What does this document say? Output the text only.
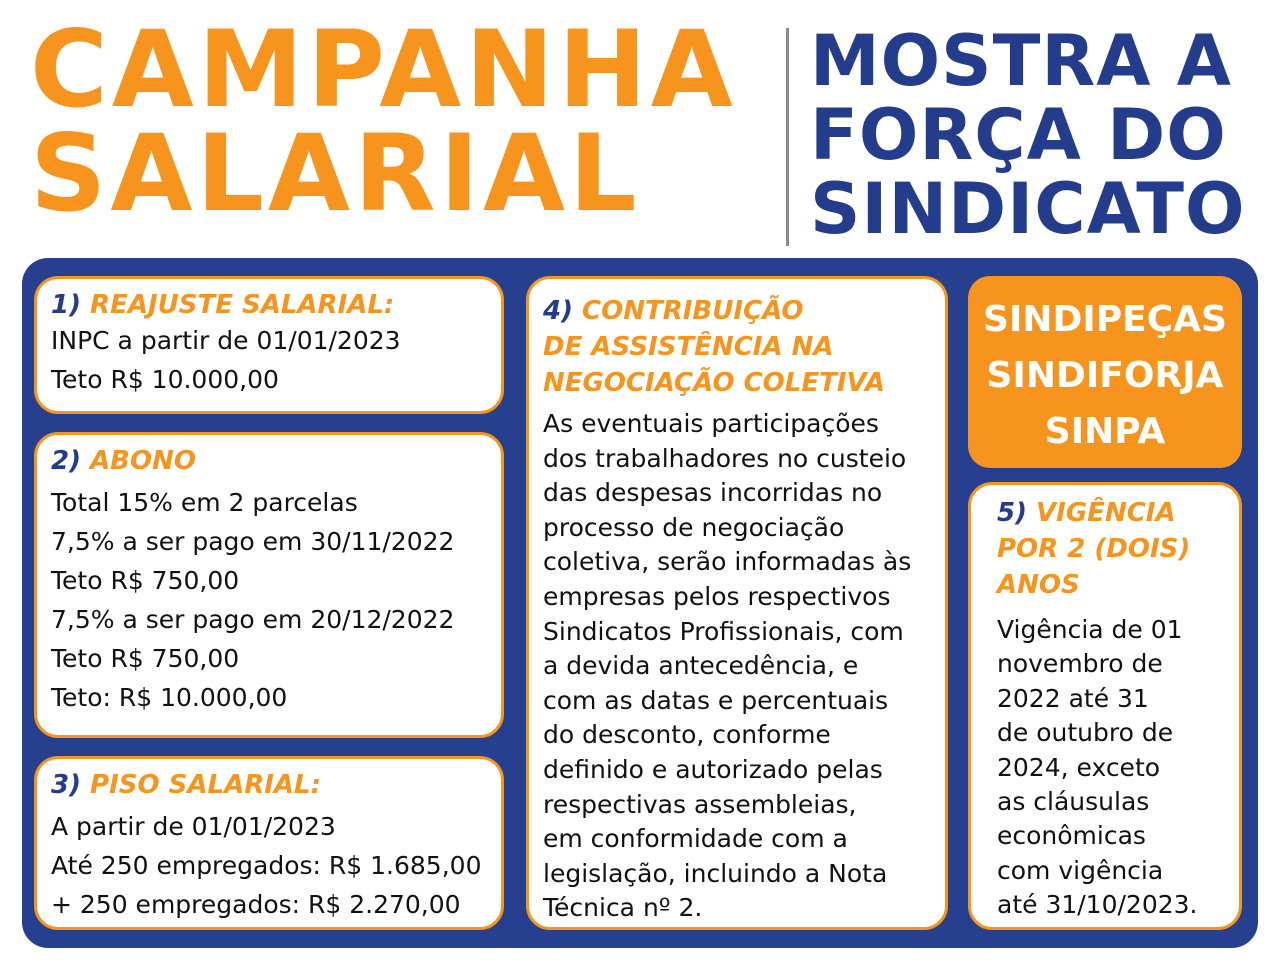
CAMPANHA
SALARIAL
MOSTRA A
FORÇA DO
SINDICATO
1) REAJUSTE SALARIAL:
INPC a partir de 01/01/2023
Teto R$ 10.000,00
2) ABONO
Total 15% em 2 parcelas
7,5% a ser pago em 30/11/2022
Teto R$ 750,00
7,5% a ser pago em 20/12/2022
Teto R$ 750,00
Teto: R$ 10.000,00
3) PISO SALARIAL:
A partir de 01/01/2023
Até 250 empregados: R$ 1.685,00
+ 250 empregados: R$ 2.270,00
4) CONTRIBUIÇÃO
DE ASSISTÊNCIA NA
NEGOCIAÇÃO COLETIVA
As eventuais participações
dos trabalhadores no custeio
das despesas incorridas no
processo de negociação
coletiva, serão informadas às
empresas pelos respectivos
Sindicatos Profissionais, com
a devida antecedência, e
com as datas e percentuais
do desconto, conforme
definido e autorizado pelas
respectivas assembleias,
em conformidade com a
legislação, incluindo a Nota
Técnica nº 2.
SINDIPEÇAS
SINDIFORJA
SINPA
5) VIGÊNCIA
POR 2 (DOIS)
ANOS
Vigência de 01
novembro de
2022 até 31
de outubro de
2024, exceto
as cláusulas
econômicas
com vigência
até 31/10/2023.
